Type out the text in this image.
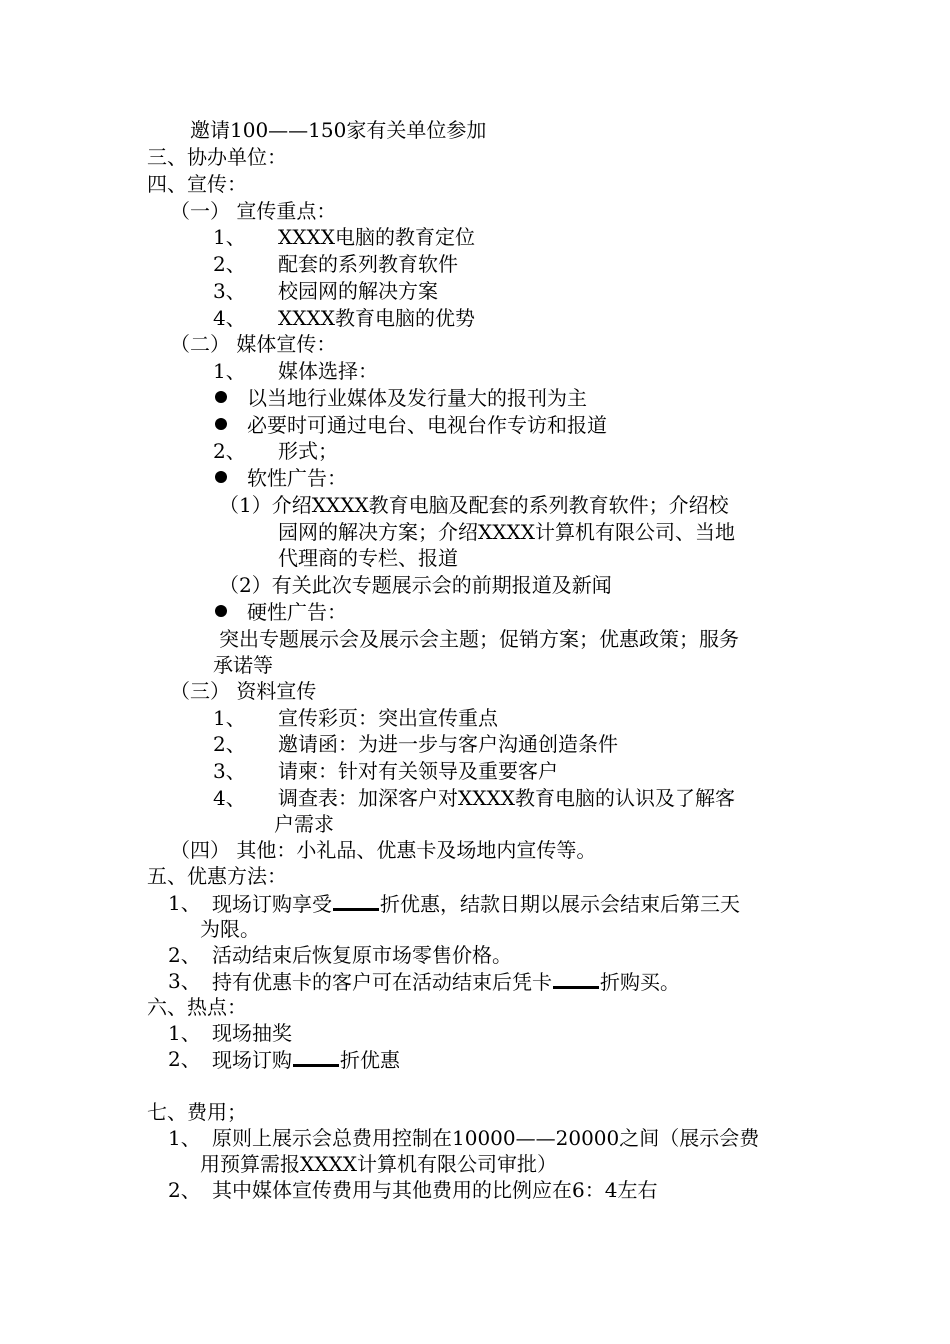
邀请100——150家有关单位参加
三、协办单位：
四、宣传：
（一） 宣传重点：
1、 XXXX电脑的教育定位
2、 配套的系列教育软件
3、 校园网的解决方案
4、 XXXX教育电脑的优势
（二） 媒体宣传：
1、 媒体选择：
以当地行业媒体及发行量大的报刊为主
必要时可通过电台、电视台作专访和报道
2、 形式；
软性广告：
（1）介绍XXXX教育电脑及配套的系列教育软件；介绍校
园网的解决方案；介绍XXXX计算机有限公司、当地
代理商的专栏、报道
（2）有关此次专题展示会的前期报道及新闻
硬性广告：
突出专题展示会及展示会主题；促销方案；优惠政策；服务
承诺等
（三） 资料宣传
1、 宣传彩页：突出宣传重点
2、 邀请函：为进一步与客户沟通创造条件
3、 请柬：针对有关领导及重要客户
4、 调查表：加深客户对XXXX教育电脑的认识及了解客
户需求
（四） 其他：小礼品、优惠卡及场地内宣传等。
五、优惠方法：
1、 现场订购享受 折优惠，结款日期以展示会结束后第三天
为限。
2、 活动结束后恢复原市场零售价格。
3、 持有优惠卡的客户可在活动结束后凭卡 折购买。
六、热点：
1、 现场抽奖
2、 现场订购 折优惠
七、费用；
1、 原则上展示会总费用控制在10000——20000之间（展示会费
用预算需报XXXX计算机有限公司审批）
2、 其中媒体宣传费用与其他费用的比例应在6：4左右
